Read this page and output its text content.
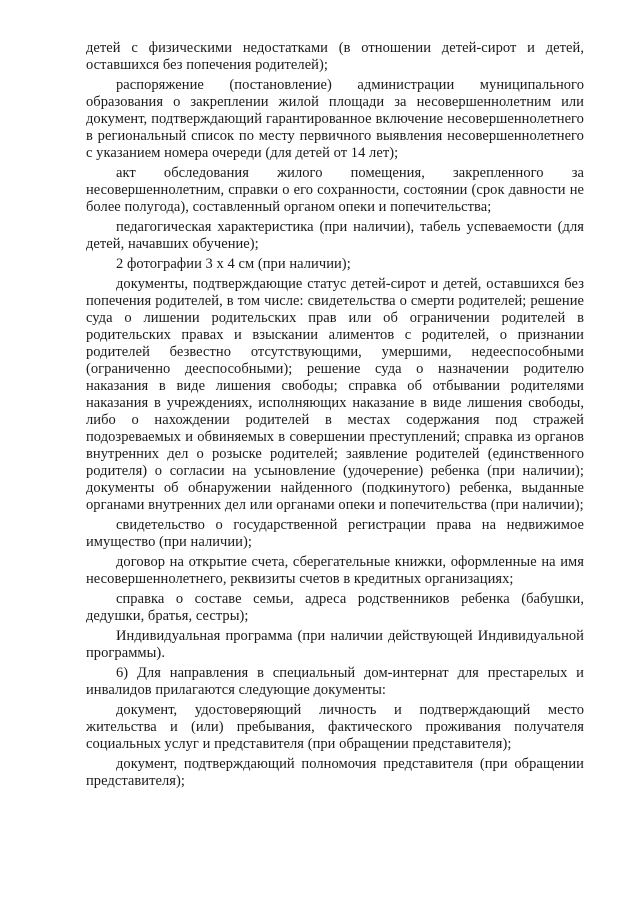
детей с физическими недостатками (в отношении детей-сирот и детей, оставшихся без попечения родителей);

распоряжение (постановление) администрации муниципального образования о закреплении жилой площади за несовершеннолетним или документ, подтверждающий гарантированное включение несовершеннолетнего в региональный список по месту первичного выявления несовершеннолетнего с указанием номера очереди (для детей от 14 лет);

акт обследования жилого помещения, закрепленного за несовершеннолетним, справки о его сохранности, состоянии (срок давности не более полугода), составленный органом опеки и попечительства;

педагогическая характеристика (при наличии), табель успеваемости (для детей, начавших обучение);

2 фотографии 3 х 4 см (при наличии);

документы, подтверждающие статус детей-сирот и детей, оставшихся без попечения родителей, в том числе: свидетельства о смерти родителей; решение суда о лишении родительских прав или об ограничении родителей в родительских правах и взыскании алиментов с родителей, о признании родителей безвестно отсутствующими, умершими, недееспособными (ограниченно дееспособными); решение суда о назначении родителю наказания в виде лишения свободы; справка об отбывании родителями наказания в учреждениях, исполняющих наказание в виде лишения свободы, либо о нахождении родителей в местах содержания под стражей подозреваемых и обвиняемых в совершении преступлений; справка из органов внутренних дел о розыске родителей; заявление родителей (единственного родителя) о согласии на усыновление (удочерение) ребенка (при наличии); документы об обнаружении найденного (подкинутого) ребенка, выданные органами внутренних дел или органами опеки и попечительства (при наличии);

свидетельство о государственной регистрации права на недвижимое имущество (при наличии);

договор на открытие счета, сберегательные книжки, оформленные на имя несовершеннолетнего, реквизиты счетов в кредитных организациях;

справка о составе семьи, адреса родственников ребенка (бабушки, дедушки, братья, сестры);

Индивидуальная программа (при наличии действующей Индивидуальной программы).

6) Для направления в специальный дом-интернат для престарелых и инвалидов прилагаются следующие документы:

документ, удостоверяющий личность и подтверждающий место жительства и (или) пребывания, фактического проживания получателя социальных услуг и представителя (при обращении представителя);

документ, подтверждающий полномочия представителя (при обращении представителя);
